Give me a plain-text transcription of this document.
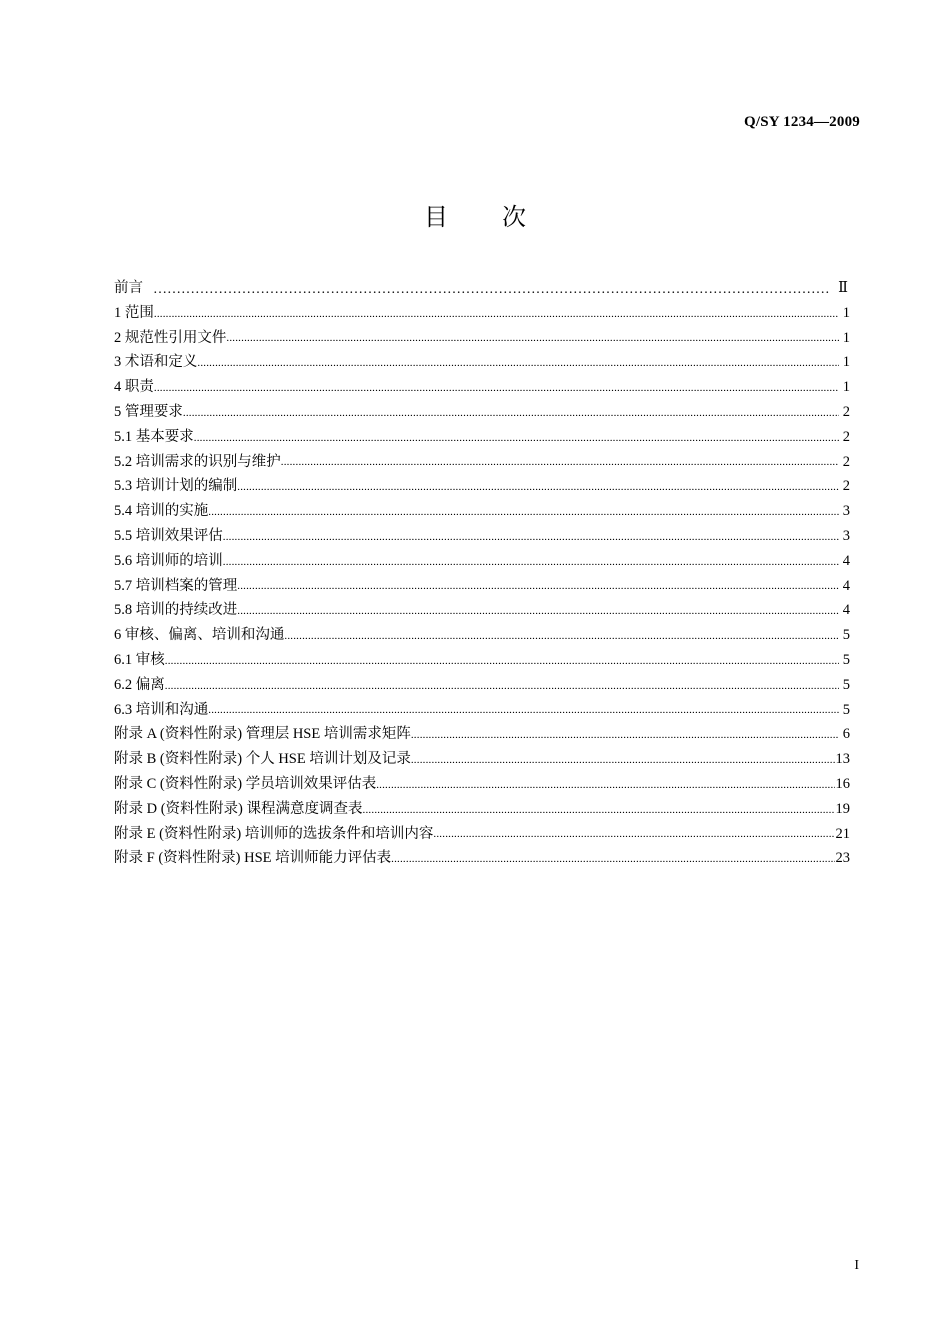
Q/SY 1234—2009
目 次
前言 ……………………………………………………………………………………………………………………………………………………………………………………	Ⅱ
1 范围 .....	1
2 规范性引用文件 .....	1
3 术语和定义 .....	1
4 职责 .....	1
5 管理要求 .....	2
5.1 基本要求 .....	2
5.2 培训需求的识别与维护 .....	2
5.3 培训计划的编制 .....	2
5.4 培训的实施 .....	3
5.5 培训效果评估 .....	3
5.6 培训师的培训 .....	4
5.7 培训档案的管理 .....	4
5.8 培训的持续改进 .....	4
6 审核、偏离、培训和沟通 .....	5
6.1 审核 .....	5
6.2 偏离 .....	5
6.3 培训和沟通 .....	5
附录 A (资料性附录) 管理层 HSE 培训需求矩阵 .....	6
附录 B (资料性附录) 个人 HSE 培训计划及记录 .....	13
附录 C (资料性附录) 学员培训效果评估表 .....	16
附录 D (资料性附录) 课程满意度调查表 .....	19
附录 E (资料性附录) 培训师的选拔条件和培训内容 .....	21
附录 F (资料性附录) HSE 培训师能力评估表 .....	23
I
